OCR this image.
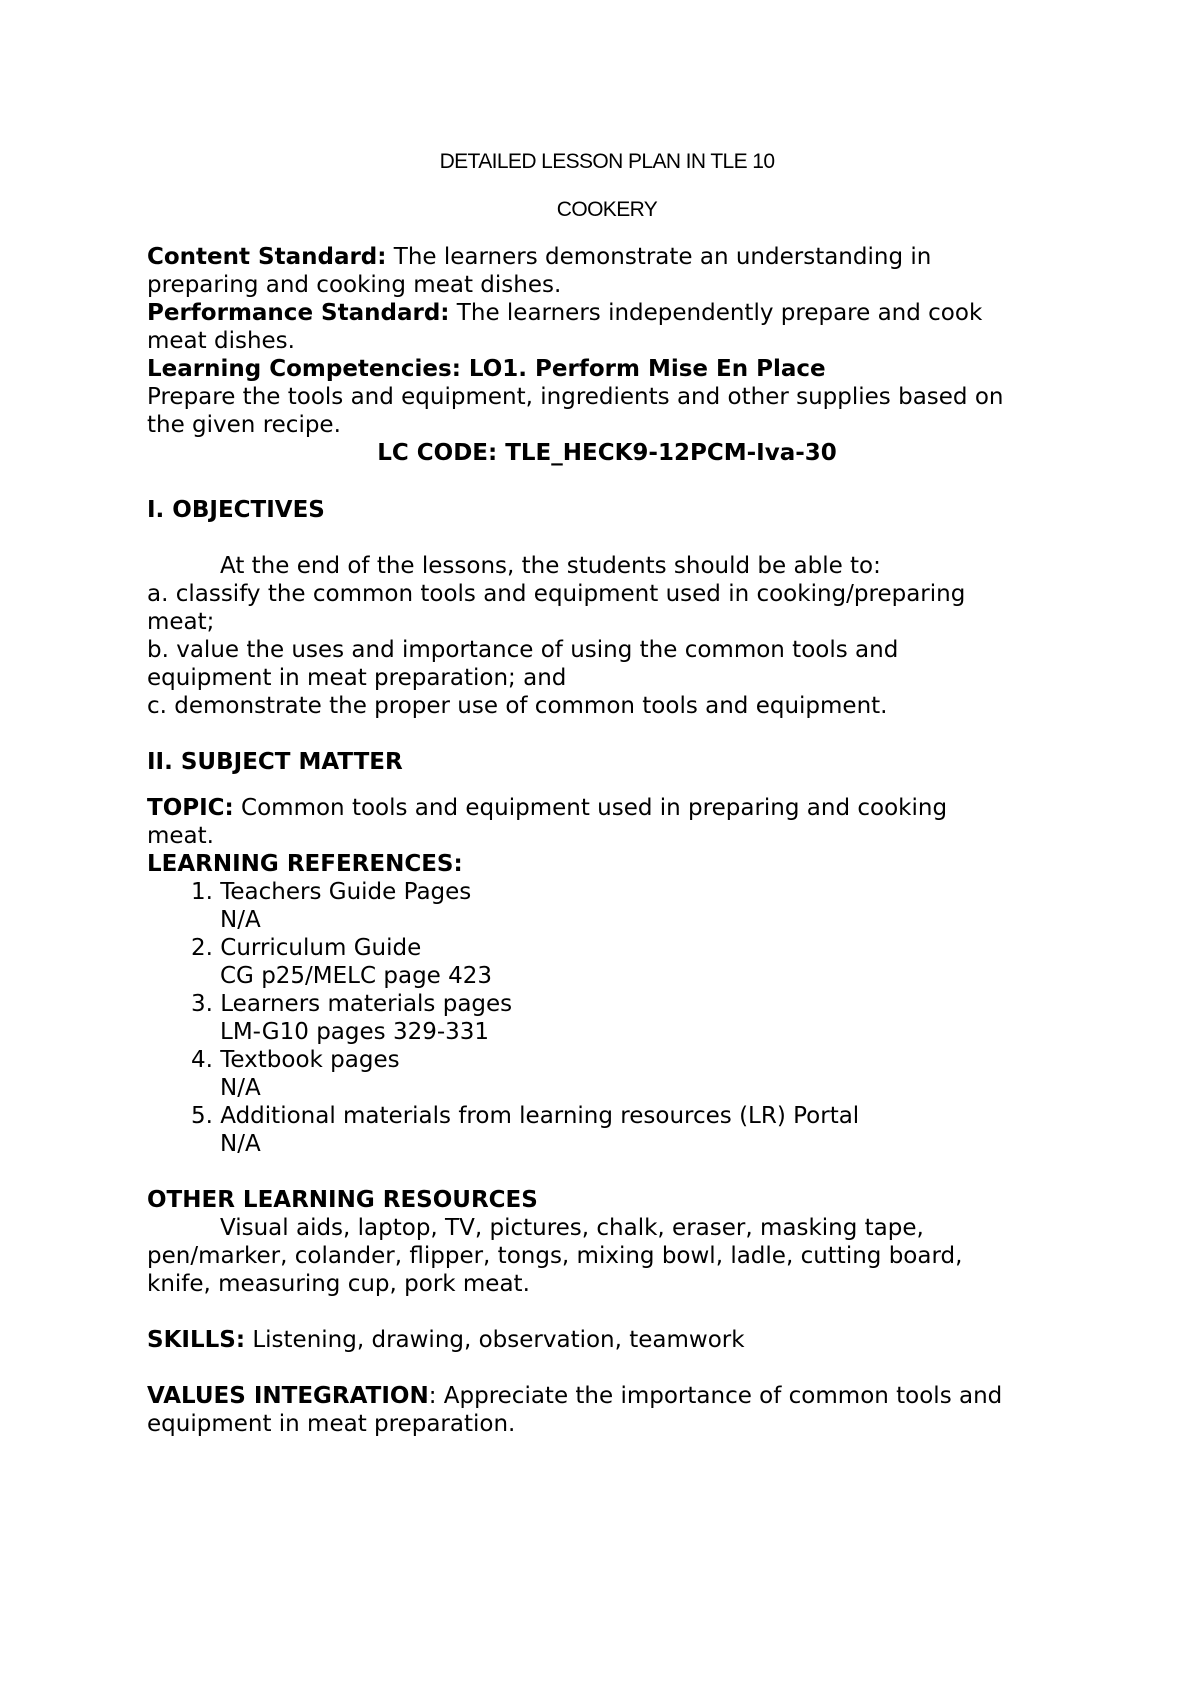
DETAILED LESSON PLAN IN TLE 10
COOKERY
Content Standard: The learners demonstrate an understanding in
preparing and cooking meat dishes.
Performance Standard: The learners independently prepare and cook
meat dishes.
Learning Competencies: LO1. Perform Mise En Place
Prepare the tools and equipment, ingredients and other supplies based on
the given recipe.
LC CODE: TLE_HECK9-12PCM-Iva-30
I. OBJECTIVES
At the end of the lessons, the students should be able to:
a. classify the common tools and equipment used in cooking/preparing
meat;
b. value the uses and importance of using the common tools and
equipment in meat preparation; and
c. demonstrate the proper use of common tools and equipment.
II. SUBJECT MATTER
TOPIC: Common tools and equipment used in preparing and cooking
meat.
LEARNING REFERENCES:
1. Teachers Guide Pages
N/A
2. Curriculum Guide
CG p25/MELC page 423
3. Learners materials pages
LM-G10 pages 329-331
4. Textbook pages
N/A
5. Additional materials from learning resources (LR) Portal
N/A
OTHER LEARNING RESOURCES
Visual aids, laptop, TV, pictures, chalk, eraser, masking tape,
pen/marker, colander, flipper, tongs, mixing bowl, ladle, cutting board,
knife, measuring cup, pork meat.
SKILLS: Listening, drawing, observation, teamwork
VALUES INTEGRATION: Appreciate the importance of common tools and
equipment in meat preparation.
